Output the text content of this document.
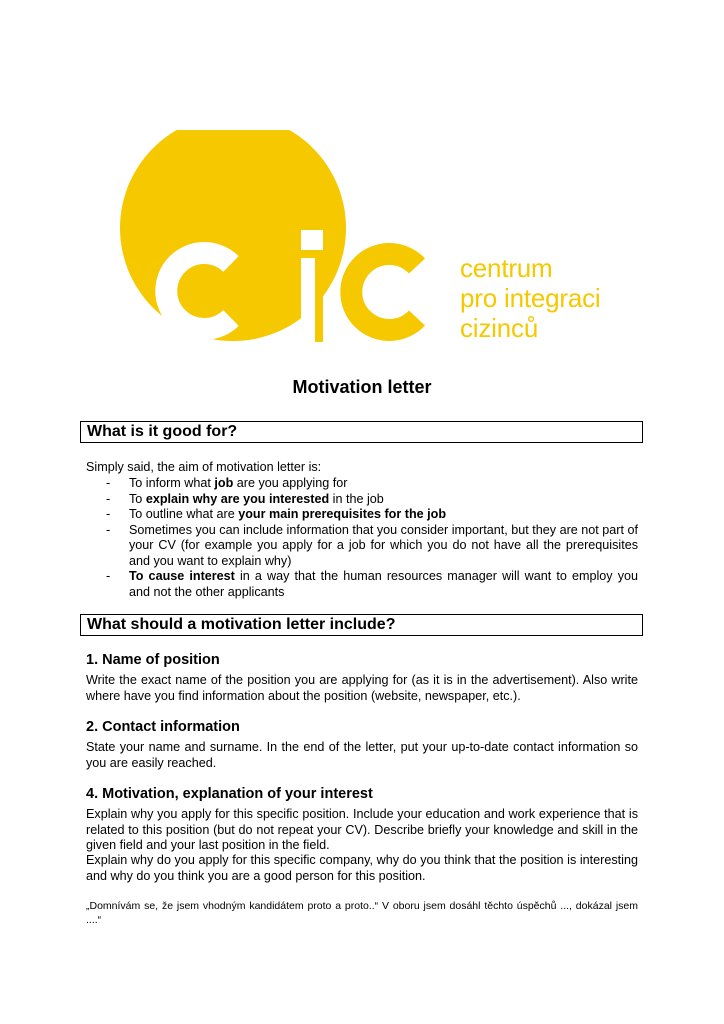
centrum
pro integraci
cizinců
Motivation letter
What is it good for?
Simply said, the aim of motivation letter is:
- To inform what job are you applying for
- To explain why are you interested in the job
- To outline what are your main prerequisites for the job
- Sometimes you can include information that you consider important, but they are not part of your CV (for example you apply for a job for which you do not have all the prerequisites and you want to explain why)
- To cause interest in a way that the human resources manager will want to employ you and not the other applicants
What should a motivation letter include?
1. Name of position
Write the exact name of the position you are applying for (as it is in the advertisement). Also write where have you find information about the position (website, newspaper, etc.).
2. Contact information
State your name and surname. In the end of the letter, put your up-to-date contact information so you are easily reached.
4. Motivation, explanation of your interest
Explain why you apply for this specific position. Include your education and work experience that is related to this position (but do not repeat your CV). Describe briefly your knowledge and skill in the given field and your last position in the field.
Explain why do you apply for this specific company, why do you think that the position is interesting and why do you think you are a good person for this position.
„Domnívám se, že jsem vhodným kandidátem proto a proto..“ V oboru jsem dosáhl těchto úspěchů ..., dokázal jsem ....“
